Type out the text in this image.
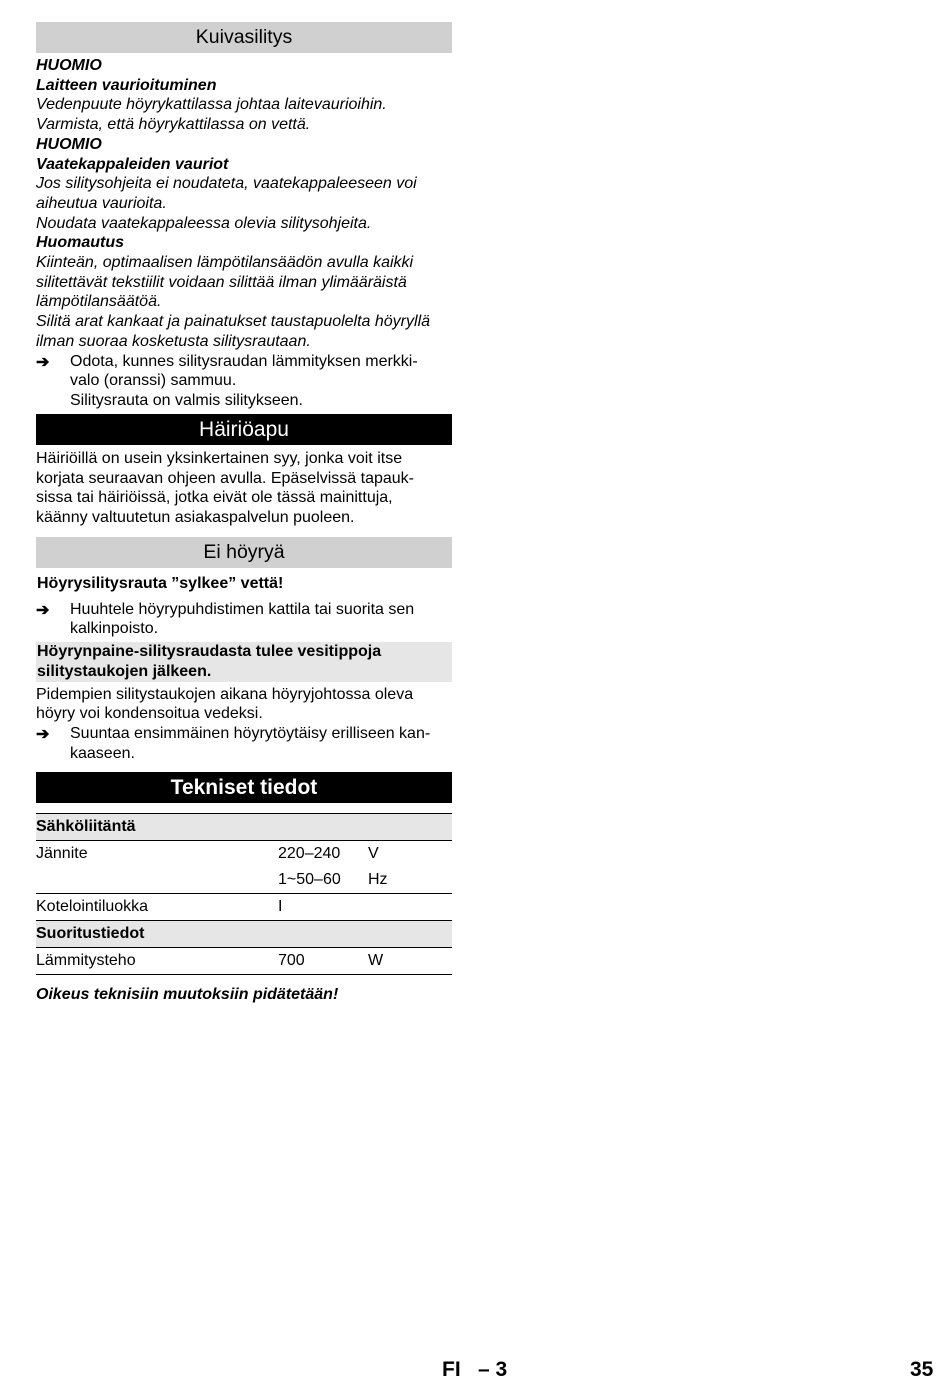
Kuivasilitys
HUOMIO
Laitteen vaurioituminen
Vedenpuute höyrykattilassa johtaa laitevaurioihin.
Varmista, että höyrykattilassa on vettä.
HUOMIO
Vaatekappaleiden vauriot
Jos silitysohjeita ei noudateta, vaatekappaleeseen voi
aiheutua vaurioita.
Noudata vaatekappaleessa olevia silitysohjeita.
Huomautus
Kiinteän, optimaalisen lämpötilansäädön avulla kaikki
silitettävät tekstiilit voidaan silittää ilman ylimääräistä
lämpötilansäätöä.
Silitä arat kankaat ja painatukset taustapuolelta höyryllä
ilman suoraa kosketusta silitysrautaan.
➔ Odota, kunnes silitysraudan lämmityksen merkki-
valo (oranssi) sammuu.
Silitysrauta on valmis silitykseen.
Häiriöapu
Häiriöillä on usein yksinkertainen syy, jonka voit itse
korjata seuraavan ohjeen avulla. Epäselvissä tapauk-
sissa tai häiriöissä, jotka eivät ole tässä mainittuja,
käänny valtuutetun asiakaspalvelun puoleen.
Ei höyryä
Höyrysilitysrauta ”sylkee” vettä!
➔ Huuhtele höyrypuhdistimen kattila tai suorita sen
kalkinpoisto.
Höyrynpaine-silitysraudasta tulee vesitippoja
silitystaukojen jälkeen.
Pidempien silitystaukojen aikana höyryjohtossa oleva
höyry voi kondensoitua vedeksi.
➔ Suuntaa ensimmäinen höyrytöytäisy erilliseen kan-
kaaseen.
Tekniset tiedot
Sähköliitäntä		
Jännite	220–240	V
	1~50–60	Hz
Kotelointiluokka	I	
Suoritustiedot		
Lämmitysteho	700	W
Oikeus teknisiin muutoksiin pidätetään!
FI – 3	35
